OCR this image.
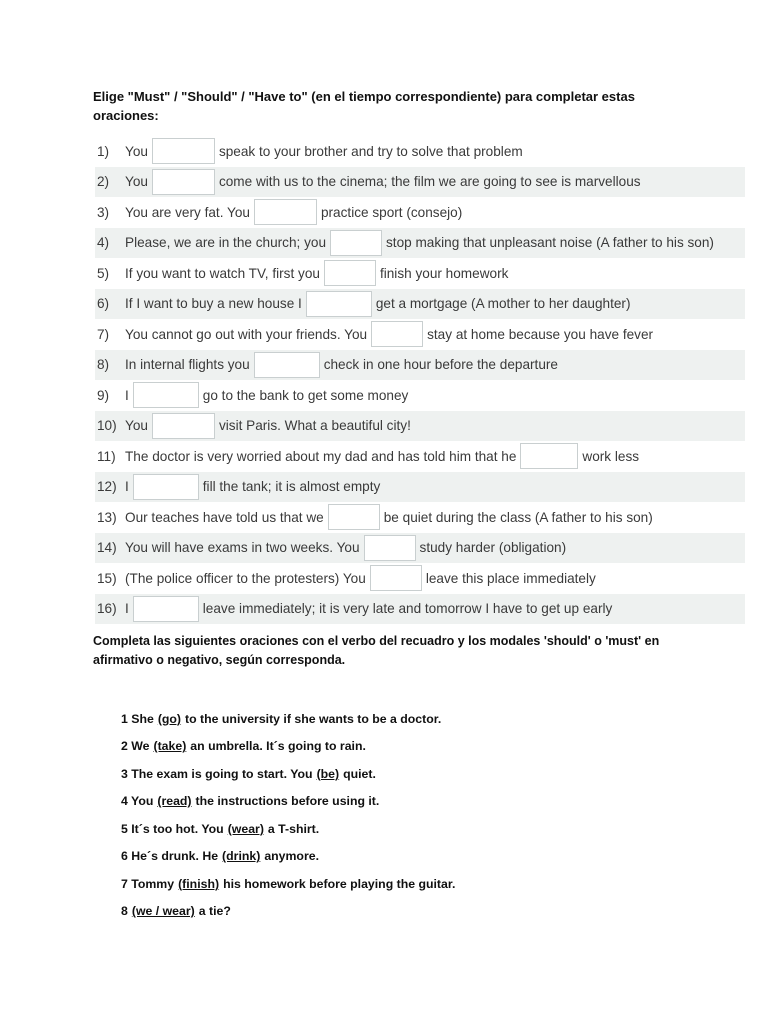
Elige "Must" / "Should" / "Have to" (en el tiempo correspondiente) para completar estas oraciones:
1)	You	speak to your brother and try to solve that problem
2)	You	come with us to the cinema; the film we are going to see is marvellous
3)	You are very fat. You	practice sport (consejo)
4)	Please, we are in the church; you	stop making that unpleasant noise (A father to his son)
5)	If you want to watch TV, first you	finish your homework
6)	If I want to buy a new house I	get a mortgage (A mother to her daughter)
7)	You cannot go out with your friends. You	stay at home because you have fever
8)	In internal flights you	check in one hour before the departure
9)	I	go to the bank to get some money
10) You	visit Paris. What a beautiful city!
11) The doctor is very worried about my dad and has told him that he	work less
12) I	fill the tank; it is almost empty
13) Our teaches have told us that we	be quiet during the class (A father to his son)
14) You will have exams in two weeks. You	study harder (obligation)
15) (The police officer to the protesters) You	leave this place immediately
16) I	leave immediately; it is very late and tomorrow I have to get up early
Completa las siguientes oraciones con el verbo del recuadro y los modales 'should' o 'must' en afirmativo o negativo, según corresponda.
1 She (go) to the university if she wants to be a doctor.
2 We (take) an umbrella. It´s going to rain.
3 The exam is going to start. You (be) quiet.
4 You (read) the instructions before using it.
5 It´s too hot. You (wear) a T-shirt.
6 He´s drunk. He (drink) anymore.
7 Tommy (finish) his homework before playing the guitar.
8 (we / wear) a tie?
